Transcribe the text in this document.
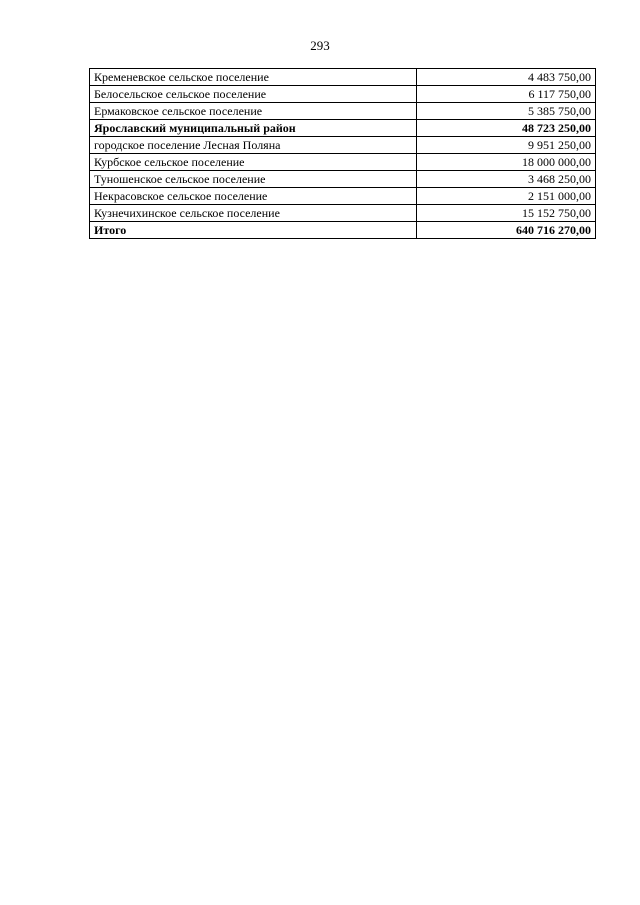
293
Кременевское сельское поселение	4 483 750,00
Белосельское сельское поселение	6 117 750,00
Ермаковское сельское поселение	5 385 750,00
Ярославский муниципальный район	48 723 250,00
городское поселение Лесная Поляна	9 951 250,00
Курбское сельское поселение	18 000 000,00
Туношенское сельское поселение	3 468 250,00
Некрасовское сельское поселение	2 151 000,00
Кузнечихинское сельское поселение	15 152 750,00
Итого	640 716 270,00
